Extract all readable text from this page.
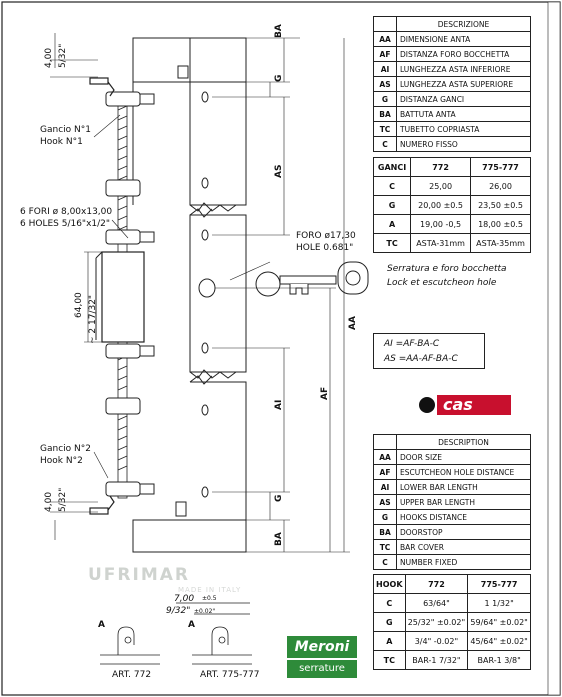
4,00 5/32"
4,00 5/32"
64,00 ~ 2 17/32"
BA
G
AS
AA
AI
AF
G
BA
Gancio N°1
Hook N°1
6 FORI ø 8,00x13,00
6 HOLES 5/16"x1/2"
FORO ø17,30
HOLE 0.681"
Serratura e foro bocchetta
Lock et escutcheon hole
Gancio N°2
Hook N°2
ART. 772	ART. 775-777
A	A
7,00 ±0.5
9/32" ±0.02"
UFRIMAR
MADE IN ITALY
	DESCRIZIONE
AA	DIMENSIONE ANTA
AF	DISTANZA FORO BOCCHETTA
AI	LUNGHEZZA ASTA INFERIORE
AS	LUNGHEZZA ASTA SUPERIORE
G	DISTANZA GANCI
BA	BATTUTA ANTA
TC	TUBETTO COPRIASTA
C	NUMERO FISSO
GANCI	772	775-777
C	25,00	26,00
G	20,00 ±0.5	23,50 ±0.5
A	19,00 -0,5	18,00 ±0.5
TC	ASTA-31mm	ASTA-35mm
AI =AF-BA-C
AS =AA-AF-BA-C
cas
	DESCRIPTION
AA	DOOR SIZE
AF	ESCUTCHEON HOLE DISTANCE
AI	LOWER BAR LENGTH
AS	UPPER BAR LENGTH
G	HOOKS DISTANCE
BA	DOORSTOP
TC	BAR COVER
C	NUMBER FIXED
HOOK	772	775-777
C	63/64"	1 1/32"
G	25/32" ±0.02"	59/64" ±0.02"
A	3/4" -0.02"	45/64" ±0.02"
TC	BAR-1 7/32"	BAR-1 3/8"
Meroni
serrature
